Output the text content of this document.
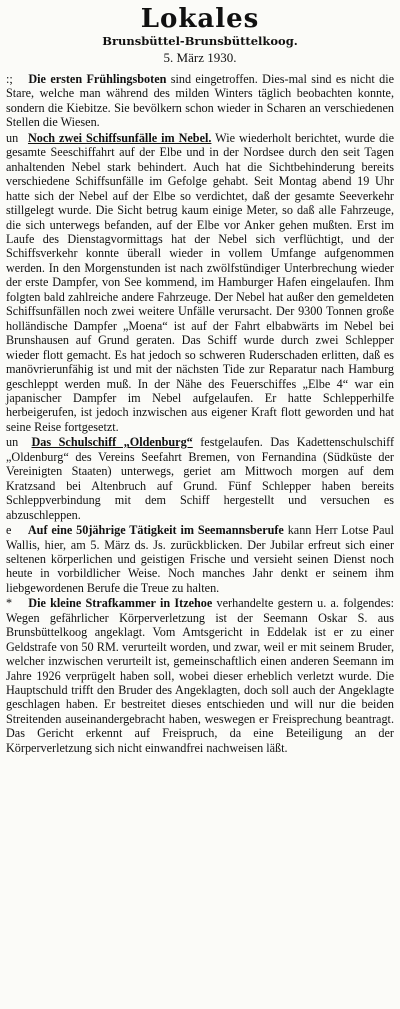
Lokales
Brunsbüttel-Brunsbüttelkoog.
5. März 1930.

:; Die ersten Frühlingsboten sind eingetroffen. Dies-mal sind es nicht die Stare, welche man während des milden Winters täglich beobachten konnte, sondern die Kiebitze. Sie bevölkern schon wieder in Scharen an verschiedenen Stellen die Wiesen.

un Noch zwei Schiffsunfälle im Nebel. Wie wiederholt berichtet, wurde die gesamte Seeschiffahrt auf der Elbe und in der Nordsee durch den seit Tagen anhaltenden Nebel stark behindert. Auch hat die Sichtbehinderung bereits verschiedene Schiffsunfälle im Gefolge gehabt. Seit Montag abend 19 Uhr hatte sich der Nebel auf der Elbe so verdichtet, daß der gesamte Seeverkehr stillgelegt wurde. Die Sicht betrug kaum einige Meter, so daß alle Fahrzeuge, die sich unterwegs befanden, auf der Elbe vor Anker gehen mußten. Erst im Laufe des Dienstagvormittags hat der Nebel sich verflüchtigt, und der Schiffsverkehr konnte überall wieder in vollem Umfange aufgenommen werden. In den Morgenstunden ist nach zwölfstündiger Unterbrechung wieder der erste Dampfer, von See kommend, im Hamburger Hafen eingelaufen. Ihm folgten bald zahlreiche andere Fahrzeuge. Der Nebel hat außer den gemeldeten Schiffsunfällen noch zwei weitere Unfälle verursacht. Der 9300 Tonnen große holländische Dampfer „Moena“ ist auf der Fahrt elbabwärts im Nebel bei Brunshausen auf Grund geraten. Das Schiff wurde durch zwei Schlepper wieder flott gemacht. Es hat jedoch so schweren Ruderschaden erlitten, daß es manövrierunfähig ist und mit der nächsten Tide zur Reparatur nach Hamburg geschleppt werden muß. In der Nähe des Feuerschiffes „Elbe 4“ war ein japanischer Dampfer im Nebel aufgelaufen. Er hatte Schlepperhilfe herbeigerufen, ist jedoch inzwischen aus eigener Kraft flott geworden und hat seine Reise fortgesetzt.

un Das Schulschiff „Oldenburg“ festgelaufen. Das Kadettenschulschiff „Oldenburg“ des Vereins Seefahrt Bremen, von Fernandina (Südküste der Vereinigten Staaten) unterwegs, geriet am Mittwoch morgen auf dem Kratzsand bei Altenbruch auf Grund. Fünf Schlepper haben bereits Schleppverbindung mit dem Schiff hergestellt und versuchen es abzuschleppen.

e Auf eine 50jährige Tätigkeit im Seemannsberufe kann Herr Lotse Paul Wallis, hier, am 5. März ds. Js. zurückblicken. Der Jubilar erfreut sich einer seltenen körperlichen und geistigen Frische und versieht seinen Dienst noch heute in vorbildlicher Weise. Noch manches Jahr denkt er seinem ihm liebgewordenen Berufe die Treue zu halten.

* Die kleine Strafkammer in Itzehoe verhandelte gestern u. a. folgendes: Wegen gefährlicher Körperverletzung ist der Seemann Oskar S. aus Brunsbüttelkoog angeklagt. Vom Amtsgericht in Eddelak ist er zu einer Geldstrafe von 50 RM. verurteilt worden, und zwar, weil er mit seinem Bruder, welcher inzwischen verurteilt ist, gemeinschaftlich einen anderen Seemann im Jahre 1926 verprügelt haben soll, wobei dieser erheblich verletzt wurde. Die Hauptschuld trifft den Bruder des Angeklagten, doch soll auch der Angeklagte geschlagen haben. Er bestreitet dieses entschieden und will nur die beiden Streitenden auseinandergebracht haben, weswegen er Freisprechung beantragt. Das Gericht erkennt auf Freispruch, da eine Beteiligung an der Körperverletzung sich nicht einwandfrei nachweisen läßt.
